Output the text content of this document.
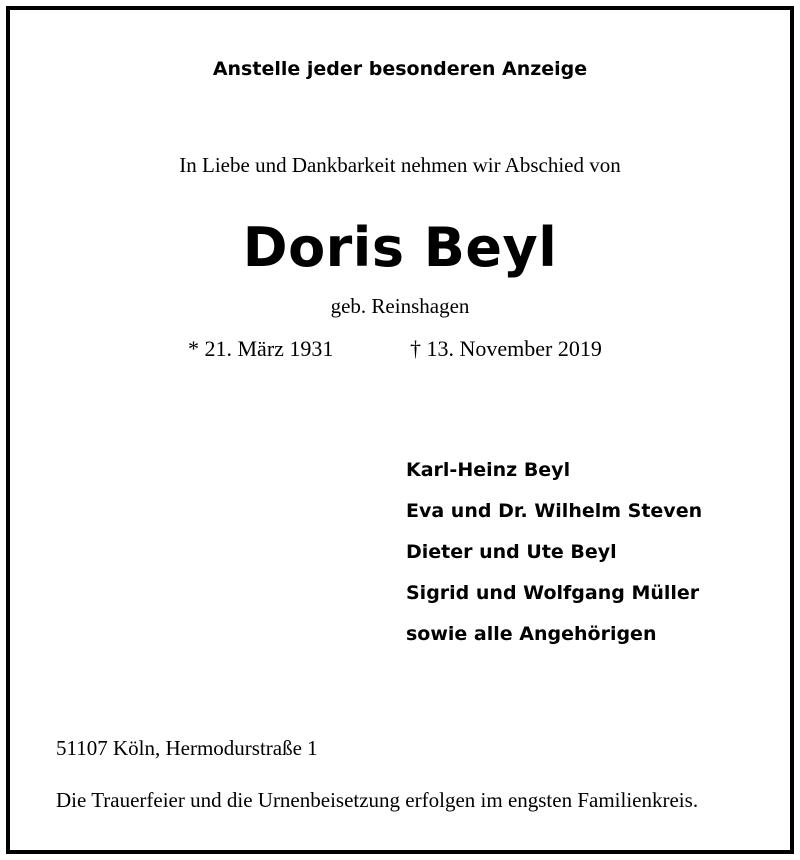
Anstelle jeder besonderen Anzeige
In Liebe und Dankbarkeit nehmen wir Abschied von
Doris Beyl
geb. Reinshagen
* 21. März 1931	† 13. November 2019
Karl-Heinz Beyl
Eva und Dr. Wilhelm Steven
Dieter und Ute Beyl
Sigrid und Wolfgang Müller
sowie alle Angehörigen
51107 Köln, Hermodurstraße 1
Die Trauerfeier und die Urnenbeisetzung erfolgen im engsten Familienkreis.
